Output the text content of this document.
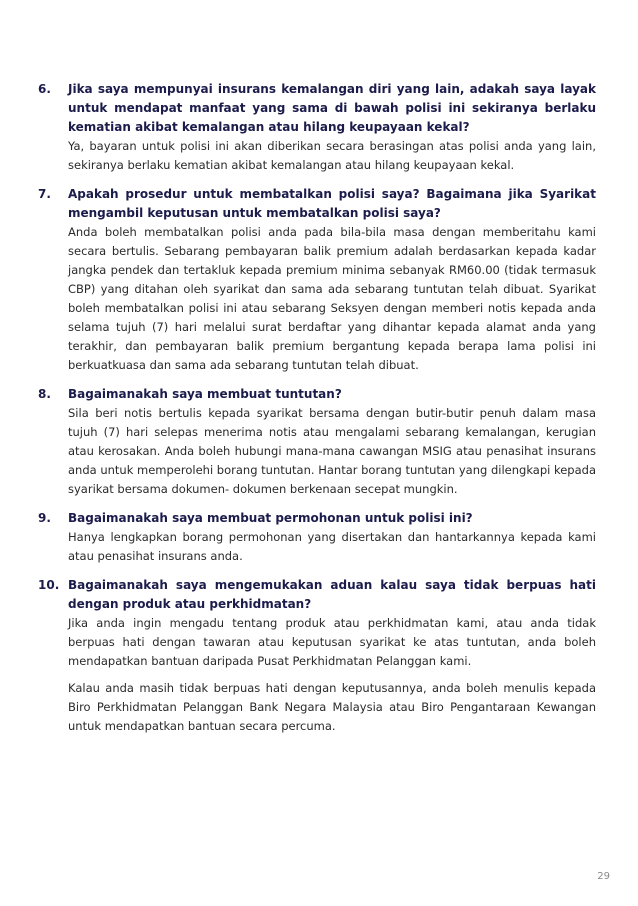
6.	Jika saya mempunyai insurans kemalangan diri yang lain, adakah saya layak untuk mendapat manfaat yang sama di bawah polisi ini sekiranya berlaku kematian akibat kemalangan atau hilang keupayaan kekal?

Ya, bayaran untuk polisi ini akan diberikan secara berasingan atas polisi anda yang lain, sekiranya berlaku kematian akibat kemalangan atau hilang keupayaan kekal.

7.	Apakah prosedur untuk membatalkan polisi saya? Bagaimana jika Syarikat mengambil keputusan untuk membatalkan polisi saya?

Anda boleh membatalkan polisi anda pada bila-bila masa dengan memberitahu kami secara bertulis. Sebarang pembayaran balik premium adalah berdasarkan kepada kadar jangka pendek dan tertakluk kepada premium minima sebanyak RM60.00 (tidak termasuk CBP) yang ditahan oleh syarikat dan sama ada sebarang tuntutan telah dibuat. Syarikat boleh membatalkan polisi ini atau sebarang Seksyen dengan memberi notis kepada anda selama tujuh (7) hari melalui surat berdaftar yang dihantar kepada alamat anda yang terakhir, dan pembayaran balik premium bergantung kepada berapa lama polisi ini berkuatkuasa dan sama ada sebarang tuntutan telah dibuat.

8.	Bagaimanakah saya membuat tuntutan?

Sila beri notis bertulis kepada syarikat bersama dengan butir-butir penuh dalam masa tujuh (7) hari selepas menerima notis atau mengalami sebarang kemalangan, kerugian atau kerosakan. Anda boleh hubungi mana-mana cawangan MSIG atau penasihat insurans anda untuk memperolehi borang tuntutan. Hantar borang tuntutan yang dilengkapi kepada syarikat bersama dokumen- dokumen berkenaan secepat mungkin.

9.	Bagaimanakah saya membuat permohonan untuk polisi ini?

Hanya lengkapkan borang permohonan yang disertakan dan hantarkannya kepada kami atau penasihat insurans anda.

10. Bagaimanakah saya mengemukakan aduan kalau saya tidak berpuas hati dengan produk atau perkhidmatan?

Jika anda ingin mengadu tentang produk atau perkhidmatan kami, atau anda tidak berpuas hati dengan tawaran atau keputusan syarikat ke atas tuntutan, anda boleh mendapatkan bantuan daripada Pusat Perkhidmatan Pelanggan kami.

Kalau anda masih tidak berpuas hati dengan keputusannya, anda boleh menulis kepada Biro Perkhidmatan Pelanggan Bank Negara Malaysia atau Biro Pengantaraan Kewangan untuk mendapatkan bantuan secara percuma.

29
